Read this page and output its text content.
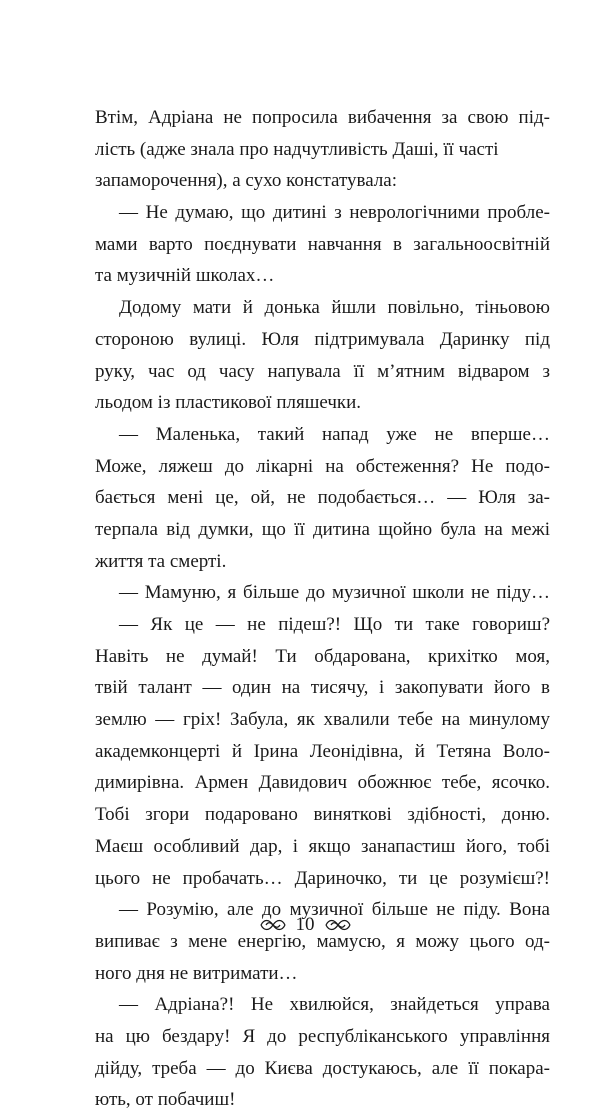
Втім, Адріана не попросила вибачення за свою під-
лість (адже знала про надчутливість Даші, її часті
запаморочення), а сухо констатувала:
— Не думаю, що дитині з неврологічними пробле-
мами варто поєднувати навчання в загальноосвітній
та музичній школах…
Додому мати й донька йшли повільно, тіньовою
стороною вулиці. Юля підтримувала Даринку під
руку, час од часу напувала її м’ятним відваром з
льодом із пластикової пляшечки.
— Маленька, такий напад уже не вперше…
Може, ляжеш до лікарні на обстеження? Не подо-
бається мені це, ой, не подобається… — Юля за-
терпала від думки, що її дитина щойно була на межі
життя та смерті.
— Мамуню, я більше до музичної школи не піду…
— Як це — не підеш?! Що ти таке говориш?
Навіть не думай! Ти обдарована, крихітко моя,
твій талант — один на тисячу, і закопувати його в
землю — гріх! Забула, як хвалили тебе на минулому
академконцерті й Ірина Леонідівна, й Тетяна Воло-
димирівна. Армен Давидович обожнює тебе, ясочко.
Тобі згори подаровано виняткові здібності, доню.
Маєш особливий дар, і якщо занапастиш його, тобі
цього не пробачать… Дариночко, ти це розумієш?!
— Розумію, але до музичної більше не піду. Вона
випиває з мене енергію, мамусю, я можу цього од-
ного дня не витримати…
— Адріана?! Не хвилюйся, знайдеться управа
на цю бездару! Я до республіканського управління
дійду, треба — до Києва достукаюсь, але її покара-
ють, от побачиш!
10
